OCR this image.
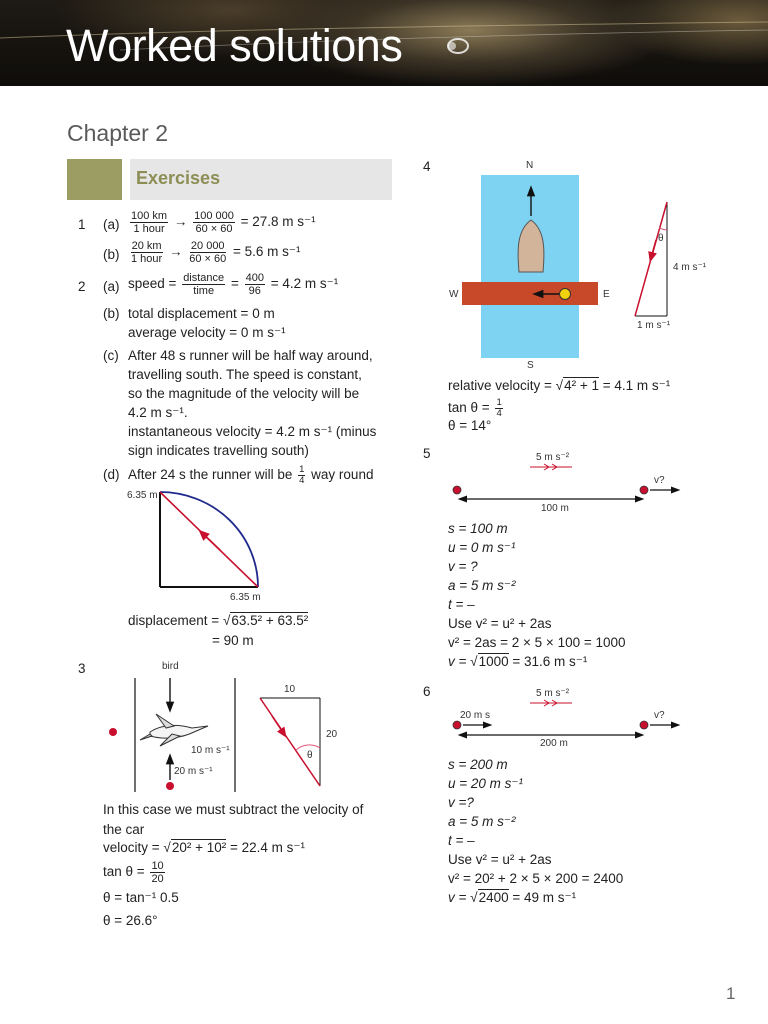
Worked solutions
Chapter 2
Exercises
1 (a)
100 km
1 hour → $\frac{100 000}{60 \times 60} = 27.8$ m s⁻¹
(b)
20 km
1 hour → $\frac{20 000}{60 \times 60} = 5.6$ m s⁻¹
2 (a) speed = distance
time = $\frac{400}{96} = 4.2$ m s⁻¹
(b) total displacement = 0 m
average velocity = 0 m s⁻¹
(c) After 48 s runner will be half way around,
travelling south. The speed is constant,
so the magnitude of the velocity will be
4.2 m s⁻¹.
instantaneous velocity = 4.2 m s⁻¹ (minus
sign indicates travelling south)
(d) After 24 s the runner will be $\frac{1}{4}$ way round
6.35 m
6.35 m
displacement = √63.5² + 63.5²
= 90 m
3	bird
10 m s⁻¹
20 m s⁻¹
10
20
θ
In this case we must subtract the velocity of
the car
velocity = √20² + 10² = 22.4 m s⁻¹
$\tan \theta = \frac{10}{20}$
θ = tan⁻¹ 0.5
θ = 26.6°
4	N
S
W	E
θ
4 m s⁻¹
1 m s⁻¹
relative velocity = √4² + 1 = 4.1 m s⁻¹
$\tan \theta = \frac{1}{4}$
θ = 14°
5	5 m s⁻²
v?
100 m
s = 100 m
u = 0 m s⁻¹
v = ?
a = 5 m s⁻²
t = –
Use v² = u² + 2as
v² = 2as = 2 × 5 × 100 = 1000
v = √1000 = 31.6 m s⁻¹
6	5 m s⁻²
20 m s	v?
200 m
s = 200 m
u = 20 m s⁻¹
v =?
a = 5 m s⁻²
t = –
Use v² = u² + 2as
v² = 20² + 2 × 5 × 200 = 2400
v = √2400 = 49 m s⁻¹
1
